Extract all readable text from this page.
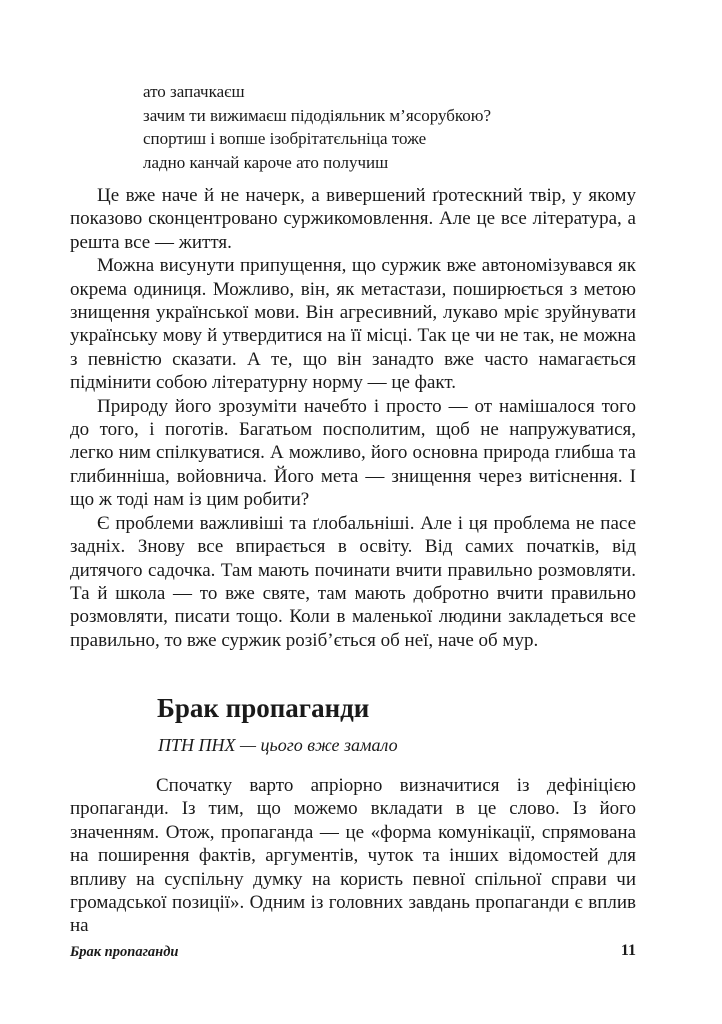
ато запачкаєш
зачим ти вижимаєш підодіяльник м’ясорубкою?
спортиш і вопше ізобрітатєльніца тоже
ладно канчай кароче ато получиш

Це вже наче й не начерк, а вивершений ґротескний твір, у якому показово сконцентровано суржикомовлення. Але це все література, а решта все — життя.

Можна висунути припущення, що суржик вже автономізувався як окрема одиниця. Можливо, він, як метастази, поширюється з метою знищення української мови. Він агресивний, лукаво мріє зруйнувати українську мову й утвердитися на її місці. Так це чи не так, не можна з певністю сказати. А те, що він занадто вже часто намагається підмінити собою літературну норму — це факт.

Природу його зрозуміти начебто і просто — от намішалося того до того, і поготів. Багатьом посполитим, щоб не напружуватися, легко ним спілкуватися. А можливо, його основна природа глибша та глибинніша, войовнича. Його мета — знищення через витіснення. І що ж тоді нам із цим робити?

Є проблеми важливіші та ґлобальніші. Але і ця проблема не пасе задніх. Знову все впирається в освіту. Від самих початків, від дитячого садочка. Там мають починати вчити правильно розмовляти. Та й школа — то вже святе, там мають добротно вчити правильно розмовляти, писати тощо. Коли в маленької людини закладеться все правильно, то вже суржик розіб’ється об неї, наче об мур.

Брак пропаганди
ПТН ПНХ — цього вже замало

Спочатку варто апріорно визначитися із дефініцією пропаганди. Із тим, що можемо вкладати в це слово. Із його значенням. Отож, пропаганда — це «форма комунікації, спрямована на поширення фактів, аргументів, чуток та інших відомостей для впливу на суспільну думку на користь певної спільної справи чи громадської позиції». Одним із головних завдань пропаганди є вплив на

Брак пропаганди	11
